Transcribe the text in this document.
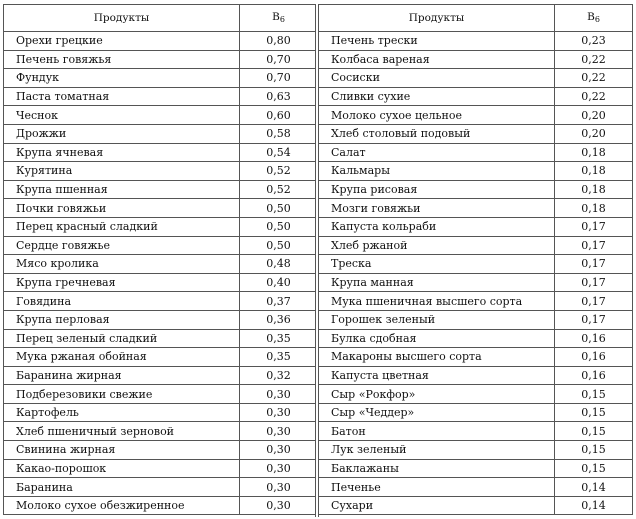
Продукты	$B_6$
Орехи грецкие	0,80
Печень говяжья	0,70
Фундук	0,70
Паста томатная	0,63
Чеснок	0,60
Дрожжи	0,58
Крупа ячневая	0,54
Курятина	0,52
Крупа пшенная	0,52
Почки говяжьи	0,50
Перец красный сладкий	0,50
Сердце говяжье	0,50
Мясо кролика	0,48
Крупа гречневая	0,40
Говядина	0,37
Крупа перловая	0,36
Перец зеленый сладкий	0,35
Мука ржаная обойная	0,35
Баранина жирная	0,32
Подберезовики свежие	0,30
Картофель	0,30
Хлеб пшеничный зерновой	0,30
Свинина жирная	0,30
Какао-порошок	0,30
Баранина	0,30
Молоко сухое обезжиренное	0,30
Продукты	$B_6$
Печень трески	0,23
Колбаса вареная	0,22
Сосиски	0,22
Сливки сухие	0,22
Молоко сухое цельное	0,20
Хлеб столовый подовый	0,20
Салат	0,18
Кальмары	0,18
Крупа рисовая	0,18
Мозги говяжьи	0,18
Капуста кольраби	0,17
Хлеб ржаной	0,17
Треска	0,17
Крупа манная	0,17
Мука пшеничная высшего сорта	0,17
Горошек зеленый	0,17
Булка сдобная	0,16
Макароны высшего сорта	0,16
Капуста цветная	0,16
Сыр «Рокфор»	0,15
Сыр «Чеддер»	0,15
Батон	0,15
Лук зеленый	0,15
Баклажаны	0,15
Печенье	0,14
Сухари	0,14
